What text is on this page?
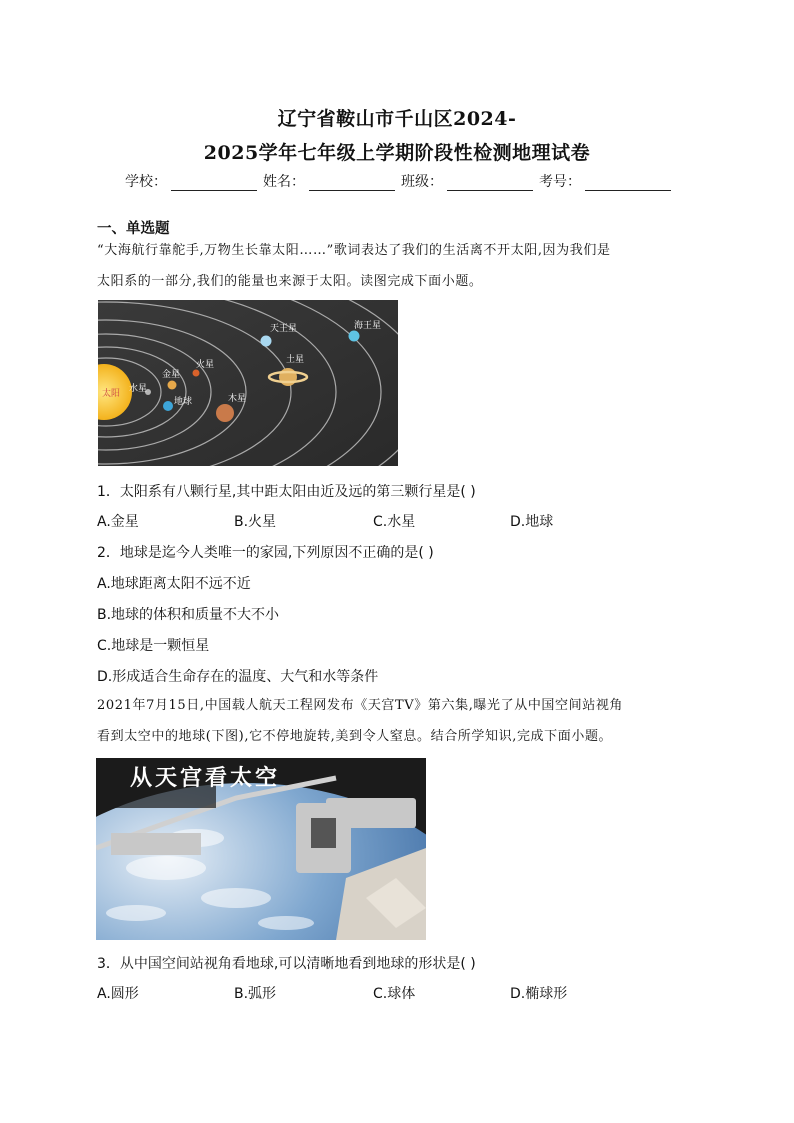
辽宁省鞍山市千山区2024-
2025学年七年级上学期阶段性检测地理试卷
学校：	姓名：	班级：	考号：
一、单选题
“大海航行靠舵手,万物生长靠太阳……”歌词表达了我们的生活离不开太阳,因为我们是
太阳系的一部分,我们的能量也来源于太阳。读图完成下面小题。
太阳 水星
金星
地球
火星
木星
土星
天王星	海王星
1．太阳系有八颗行星,其中距太阳由近及远的第三颗行星是( )
A.金星	B.火星	C.水星	D.地球
2．地球是迄今人类唯一的家园,下列原因不正确的是( )
A.地球距离太阳不远不近
B.地球的体积和质量不大不小
C.地球是一颗恒星
D.形成适合生命存在的温度、大气和水等条件
2021年7月15日,中国载人航天工程网发布《天宫TV》第六集,曝光了从中国空间站视角
看到太空中的地球(下图),它不停地旋转,美到令人窒息。结合所学知识,完成下面小题。
从天宫看太空
3．从中国空间站视角看地球,可以清晰地看到地球的形状是( )
A.圆形	B.弧形	C.球体	D.椭球形
